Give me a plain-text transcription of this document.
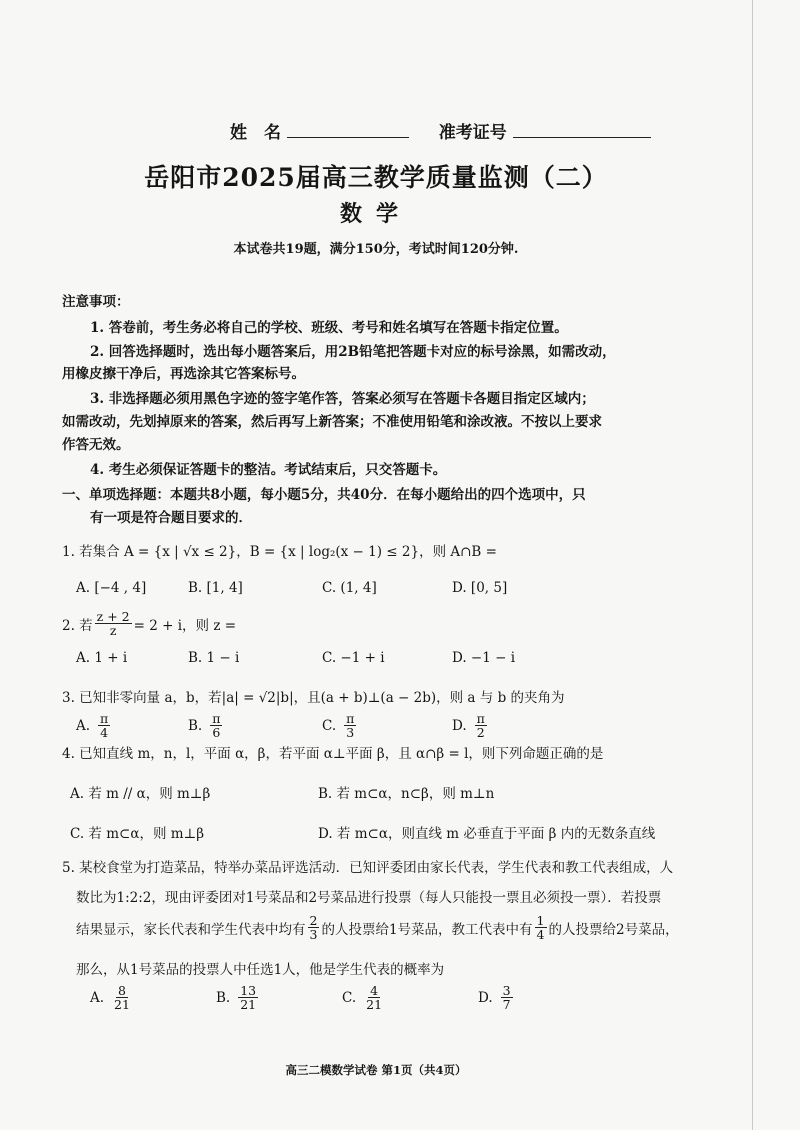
姓　名	准考证号
岳阳市2025届高三教学质量监测（二）
数学
本试卷共19题，满分150分，考试时间120分钟.
注意事项：
1. 答卷前，考生务必将自己的学校、班级、考号和姓名填写在答题卡指定位置。
2. 回答选择题时，选出每小题答案后，用2B铅笔把答题卡对应的标号涂黑，如需改动，
用橡皮擦干净后，再选涂其它答案标号。
3. 非选择题必须用黑色字迹的签字笔作答，答案必须写在答题卡各题目指定区域内；
如需改动，先划掉原来的答案，然后再写上新答案；不准使用铅笔和涂改液。不按以上要求
作答无效。
4. 考生必须保证答题卡的整洁。考试结束后，只交答题卡。
一、单项选择题：本题共8小题，每小题5分，共40分．在每小题给出的四个选项中，只
有一项是符合题目要求的．
1. 若集合 A = {x | √x ≤ 2}，B = {x | log₂(x − 1) ≤ 2}，则 A∩B =
A. [−4 , 4]	B. [1, 4]	C. (1, 4]	D. [0, 5]
2. 若 $\frac{z + 2}{z} = 2 + i$，则 z =
A. 1 + i	B. 1 − i	C. −1 + i	D. −1 − i
3. 已知非零向量 a，b，若|a| = √2|b|，且(a + b)⊥(a − 2b)，则 a 与 b 的夹角为
A. $\frac{\pi}{4}$	B. $\frac{\pi}{6}$	C. $\frac{\pi}{3}$	D. $\frac{\pi}{2}$
4. 已知直线 m，n，l，平面 α，β，若平面 α⊥平面 β，且 α∩β = l，则下列命题正确的是
A. 若 m // α，则 m⊥β	B. 若 m⊂α，n⊂β，则 m⊥n
C. 若 m⊂α，则 m⊥β	D. 若 m⊂α，则直线 m 必垂直于平面 β 内的无数条直线
5. 某校食堂为打造菜品，特举办菜品评选活动．已知评委团由家长代表，学生代表和教工代表组成，人
数比为1:2:2，现由评委团对1号菜品和2号菜品进行投票（每人只能投一票且必须投一票）．若投票
结果显示，家长代表和学生代表中均有 $\frac{2}{3}$ 的人投票给1号菜品，教工代表中有 $\frac{1}{4}$ 的人投票给2号菜品，
那么，从1号菜品的投票人中任选1人，他是学生代表的概率为
A. $\frac{8}{21}$	B. $\frac{13}{21}$	C. $\frac{4}{21}$	D. $\frac{3}{7}$
高三二模数学试卷 第1页（共4页）
